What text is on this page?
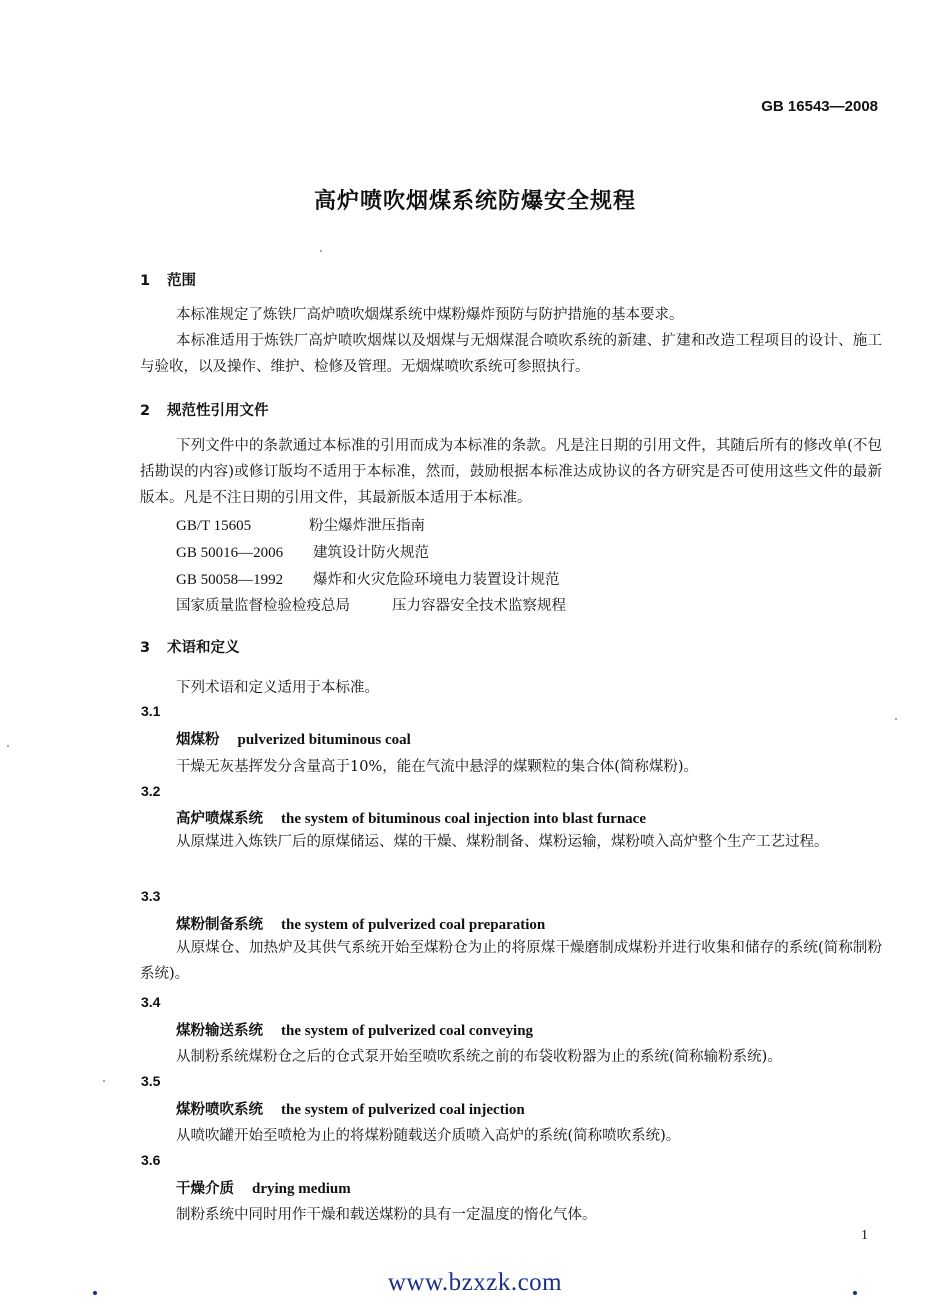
GB 16543—2008
高炉喷吹烟煤系统防爆安全规程
1 范围
本标准规定了炼铁厂高炉喷吹烟煤系统中煤粉爆炸预防与防护措施的基本要求。
本标准适用于炼铁厂高炉喷吹烟煤以及烟煤与无烟煤混合喷吹系统的新建、扩建和改造工程项目的设计、施工与验收，以及操作、维护、检修及管理。无烟煤喷吹系统可参照执行。
2 规范性引用文件
下列文件中的条款通过本标准的引用而成为本标准的条款。凡是注日期的引用文件，其随后所有的修改单(不包括勘误的内容)或修订版均不适用于本标准，然而，鼓励根据本标准达成协议的各方研究是否可使用这些文件的最新版本。凡是不注日期的引用文件，其最新版本适用于本标准。
GB/T 15605	粉尘爆炸泄压指南
GB 50016—2006 建筑设计防火规范
GB 50058—1992 爆炸和火灾危险环境电力装置设计规范
国家质量监督检验检疫总局	压力容器安全技术监察规程
3 术语和定义
下列术语和定义适用于本标准。
3.1
烟煤粉 pulverized bituminous coal
干燥无灰基挥发分含量高于10%，能在气流中悬浮的煤颗粒的集合体(简称煤粉)。
3.2
高炉喷煤系统 the system of bituminous coal injection into blast furnace
从原煤进入炼铁厂后的原煤储运、煤的干燥、煤粉制备、煤粉运输，煤粉喷入高炉整个生产工艺过程。
3.3
煤粉制备系统 the system of pulverized coal preparation
从原煤仓、加热炉及其供气系统开始至煤粉仓为止的将原煤干燥磨制成煤粉并进行收集和储存的系统(简称制粉系统)。
3.4
煤粉输送系统 the system of pulverized coal conveying
从制粉系统煤粉仓之后的仓式泵开始至喷吹系统之前的布袋收粉器为止的系统(简称输粉系统)。
3.5
煤粉喷吹系统 the system of pulverized coal injection
从喷吹罐开始至喷枪为止的将煤粉随载送介质喷入高炉的系统(简称喷吹系统)。
3.6
干燥介质 drying medium
制粉系统中同时用作干燥和载送煤粉的具有一定温度的惰化气体。
1
www.bzxzk.com
